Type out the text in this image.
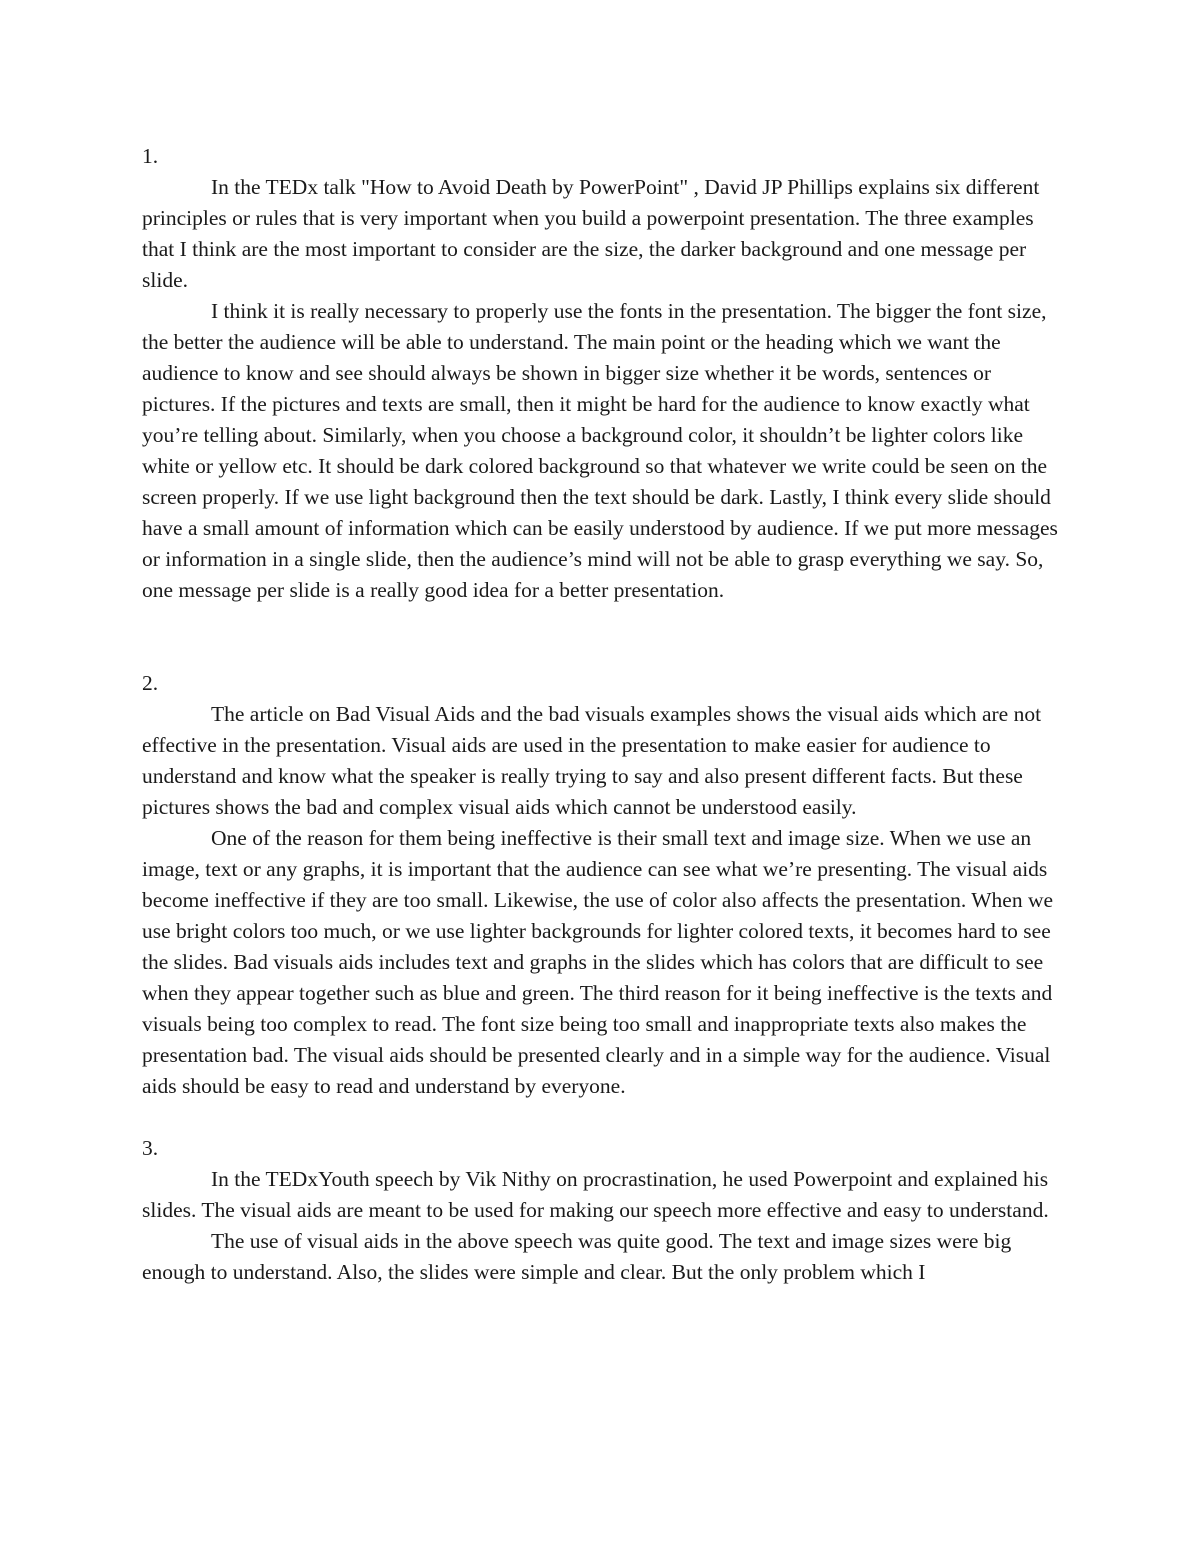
1.

In the TEDx talk "How to Avoid Death by PowerPoint" , David JP Phillips explains six different principles or rules that is very important when you build a powerpoint presentation. The three examples that I think are the most important to consider are the size, the darker background and one message per slide.

I think it is really necessary to properly use the fonts in the presentation. The bigger the font size, the better the audience will be able to understand. The main point or the heading which we want the audience to know and see should always be shown in bigger size whether it be words, sentences or pictures. If the pictures and texts are small, then it might be hard for the audience to know exactly what you’re telling about. Similarly, when you choose a background color, it shouldn’t be lighter colors like white or yellow etc. It should be dark colored background so that whatever we write could be seen on the screen properly. If we use light background then the text should be dark. Lastly, I think every slide should have a small amount of information which can be easily understood by audience. If we put more messages or information in a single slide, then the audience’s mind will not be able to grasp everything we say. So, one message per slide is a really good idea for a better presentation.

2.

The article on Bad Visual Aids and the bad visuals examples shows the visual aids which are not effective in the presentation. Visual aids are used in the presentation to make easier for audience to understand and know what the speaker is really trying to say and also present different facts. But these pictures shows the bad and complex visual aids which cannot be understood easily.

One of the reason for them being ineffective is their small text and image size. When we use an image, text or any graphs, it is important that the audience can see what we’re presenting. The visual aids become ineffective if they are too small. Likewise, the use of color also affects the presentation. When we use bright colors too much, or we use lighter backgrounds for lighter colored texts, it becomes hard to see the slides. Bad visuals aids includes text and graphs in the slides which has colors that are difficult to see when they appear together such as blue and green. The third reason for it being ineffective is the texts and visuals being too complex to read. The font size being too small and inappropriate texts also makes the presentation bad. The visual aids should be presented clearly and in a simple way for the audience. Visual aids should be easy to read and understand by everyone.

3.

In the TEDxYouth speech by Vik Nithy on procrastination, he used Powerpoint and explained his slides. The visual aids are meant to be used for making our speech more effective and easy to understand.

The use of visual aids in the above speech was quite good. The text and image sizes were big enough to understand. Also, the slides were simple and clear. But the only problem which I
